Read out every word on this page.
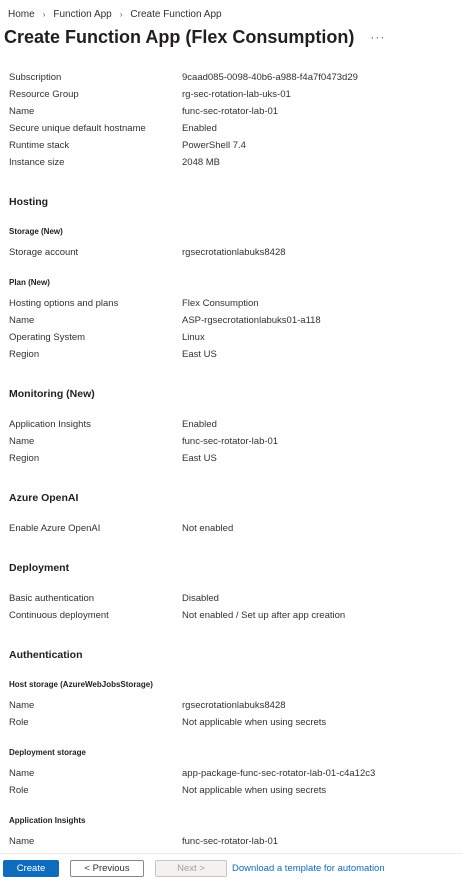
Home › Function App › Create Function App
Create Function App (Flex Consumption) ···
Subscription	9caad085-0098-40b6-a988-f4a7f0473d29
Resource Group	rg-sec-rotation-lab-uks-01
Name	func-sec-rotator-lab-01
Secure unique default hostname	Enabled
Runtime stack	PowerShell 7.4
Instance size	2048 MB
Hosting
Storage (New)
Storage account	rgsecrotationlabuks8428
Plan (New)
Hosting options and plans	Flex Consumption
Name	ASP-rgsecrotationlabuks01-a118
Operating System	Linux
Region	East US
Monitoring (New)
Application Insights	Enabled
Name	func-sec-rotator-lab-01
Region	East US
Azure OpenAI
Enable Azure OpenAI	Not enabled
Deployment
Basic authentication	Disabled
Continuous deployment	Not enabled / Set up after app creation
Authentication
Host storage (AzureWebJobsStorage)
Name	rgsecrotationlabuks8428
Role	Not applicable when using secrets
Deployment storage
Name	app-package-func-sec-rotator-lab-01-c4a12c3
Role	Not applicable when using secrets
Application Insights
Name	func-sec-rotator-lab-01
Create	< Previous	Next >	Download a template for automation
